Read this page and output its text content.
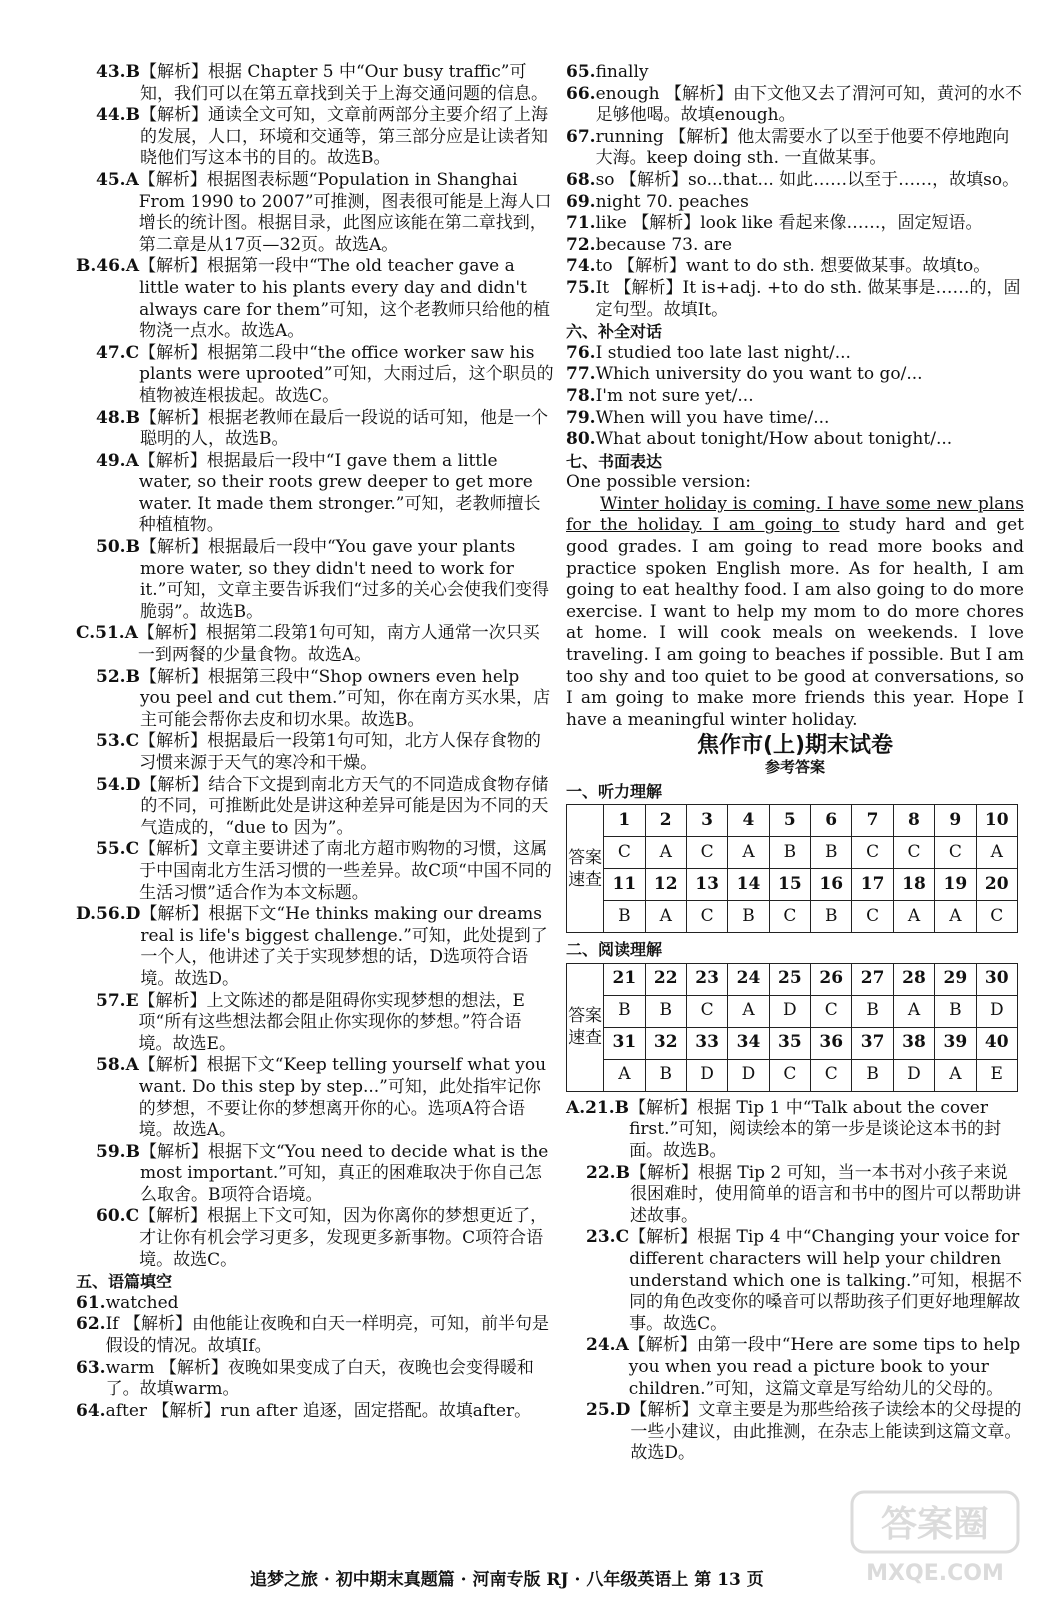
43.B 【解析】根据 Chapter 5 中“Our busy traffic”可知，我们可以在第五章找到关于上海交通问题的信息。
44.B 【解析】通读全文可知，文章前两部分主要介绍了上海的发展，人口，环境和交通等，第三部分应是让读者知晓他们写这本书的目的。故选B。
45.A 【解析】根据图表标题“Population in Shanghai From 1990 to 2007”可推测，图表很可能是上海人口增长的统计图。根据目录，此图应该能在第二章找到，第二章是从17页—32页。故选A。
B.46.A 【解析】根据第一段中“The old teacher gave a little water to his plants every day and didn't always care for them”可知，这个老教师只给他的植物浇一点水。故选A。
47.C 【解析】根据第二段中“the office worker saw his plants were uprooted”可知，大雨过后，这个职员的植物被连根拔起。故选C。
48.B 【解析】根据老教师在最后一段说的话可知，他是一个聪明的人，故选B。
49.A 【解析】根据最后一段中“I gave them a little water, so their roots grew deeper to get more water. It made them stronger.”可知，老教师擅长种植植物。
50.B 【解析】根据最后一段中“You gave your plants more water, so they didn't need to work for it.”可知，文章主要告诉我们“过多的关心会使我们变得脆弱”。故选B。
C.51.A 【解析】根据第二段第1句可知，南方人通常一次只买一到两餐的少量食物。故选A。
52.B 【解析】根据第三段中“Shop owners even help you peel and cut them.”可知，你在南方买水果，店主可能会帮你去皮和切水果。故选B。
53.C 【解析】根据最后一段第1句可知，北方人保存食物的习惯来源于天气的寒冷和干燥。
54.D 【解析】结合下文提到南北方天气的不同造成食物存储的不同，可推断此处是讲这种差异可能是因为不同的天气造成的，“due to 因为”。
55.C 【解析】文章主要讲述了南北方超市购物的习惯，这属于中国南北方生活习惯的一些差异。故C项“中国不同的生活习惯”适合作为本文标题。
D.56.D 【解析】根据下文“He thinks making our dreams real is life's biggest challenge.”可知，此处提到了一个人，他讲述了关于实现梦想的话，D选项符合语境。故选D。
57.E 【解析】上文陈述的都是阻碍你实现梦想的想法，E项“所有这些想法都会阻止你实现你的梦想。”符合语境。故选E。
58.A 【解析】根据下文“Keep telling yourself what you want. Do this step by step...”可知，此处指牢记你的梦想，不要让你的梦想离开你的心。选项A符合语境。故选A。
59.B 【解析】根据下文“You need to decide what is the most important.”可知，真正的困难取决于你自己怎么取舍。B项符合语境。
60.C 【解析】根据上下文可知，因为你离你的梦想更近了，才让你有机会学习更多，发现更多新事物。C项符合语境。故选C。
五、语篇填空
61. watched
62. If 【解析】由他能让夜晚和白天一样明亮，可知，前半句是假设的情况。故填If。
63. warm 【解析】夜晚如果变成了白天，夜晚也会变得暖和了。故填warm。
64. after 【解析】run after 追逐，固定搭配。故填after。
65. finally
66. enough 【解析】由下文他又去了渭河可知，黄河的水不足够他喝。故填enough。
67. running 【解析】他太需要水了以至于他要不停地跑向大海。keep doing sth. 一直做某事。
68. so 【解析】so...that... 如此……以至于……，故填so。
69. night 70. peaches
71. like 【解析】look like 看起来像……，固定短语。
72. because 73. are
74. to 【解析】want to do sth. 想要做某事。故填to。
75. It 【解析】It is+adj. +to do sth. 做某事是……的，固定句型。故填It。
六、补全对话
76. I studied too late last night/...
77. Which university do you want to go/...
78. I'm not sure yet/...
79. When will you have time/...
80. What about tonight/How about tonight/...
七、书面表达
One possible version:
Winter holiday is coming. I have some new plans for the holiday. I am going to study hard and get good grades. I am going to read more books and practice spoken English more. As for health, I am going to eat healthy food. I am also going to do more exercise. I want to help my mom to do more chores at home. I will cook meals on weekends. I love traveling. I am going to beaches if possible. But I am too shy and too quiet to be good at conversations, so I am going to make more friends this year. Hope I have a meaningful winter holiday.
焦作市(上)期末试卷
参考答案
一、听力理解
答案速查	1	2	3	4	5	6	7	8	9	10
	C	A	C	A	B	B	C	C	C	A
	11	12	13	14	15	16	17	18	19	20
	B	A	C	B	C	B	C	A	A	C
二、阅读理解
答案速查	21	22	23	24	25	26	27	28	29	30
	B	B	C	A	D	C	B	A	B	D
	31	32	33	34	35	36	37	38	39	40
	A	B	D	D	C	C	B	D	A	E
A.21.B 【解析】根据 Tip 1 中“Talk about the cover first.”可知，阅读绘本的第一步是谈论这本书的封面。故选B。
22.B 【解析】根据 Tip 2 可知，当一本书对小孩子来说很困难时，使用简单的语言和书中的图片可以帮助讲述故事。
23.C 【解析】根据 Tip 4 中“Changing your voice for different characters will help your children understand which one is talking.”可知，根据不同的角色改变你的嗓音可以帮助孩子们更好地理解故事。故选C。
24.A 【解析】由第一段中“Here are some tips to help you when you read a picture book to your children.”可知，这篇文章是写给幼儿的父母的。
25.D 【解析】文章主要是为那些给孩子读绘本的父母提的一些小建议，由此推测，在杂志上能读到这篇文章。故选D。
追梦之旅 · 初中期末真题篇 · 河南专版 RJ · 八年级英语上 第 13 页
答案圈
MXQE.COM
